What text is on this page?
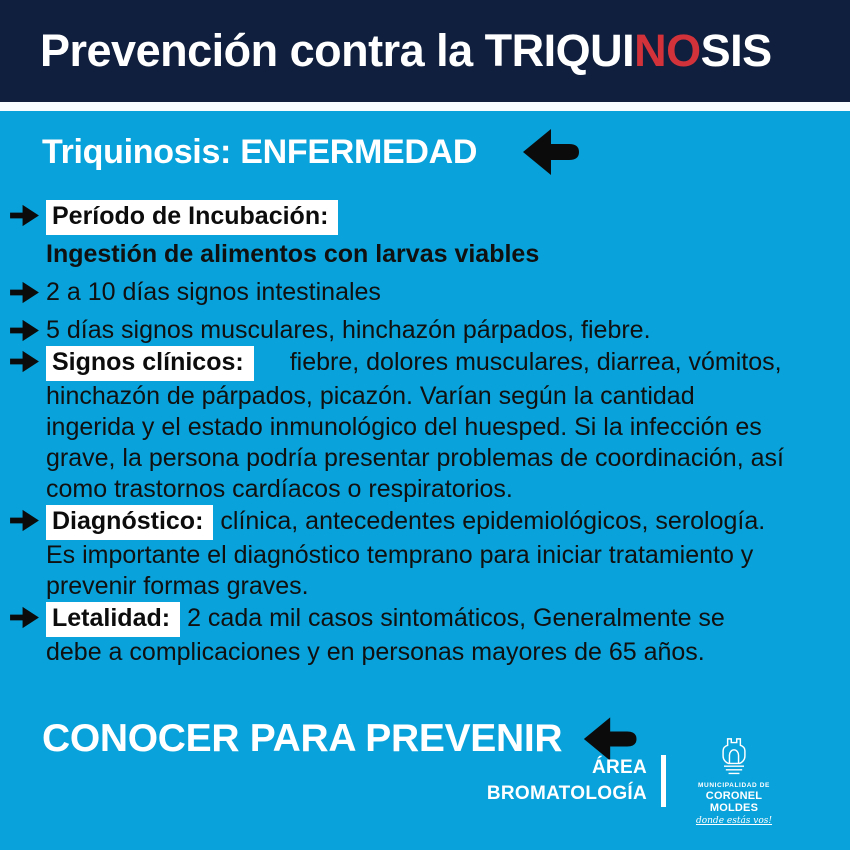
Prevención contra la TRIQUINOSIS
Triquinosis: ENFERMEDAD
Período de Incubación:
Ingestión de alimentos con larvas viables
2 a 10 días signos intestinales
5 días signos musculares, hinchazón párpados, fiebre.
Signos clínicos: fiebre, dolores musculares, diarrea, vómitos, hinchazón de párpados, picazón. Varían según la cantidad ingerida y el estado inmunológico del huesped. Si la infección es grave, la persona podría presentar problemas de coordinación, así como trastornos cardíacos o respiratorios.
Diagnóstico: clínica, antecedentes epidemiológicos, serología. Es importante el diagnóstico temprano para iniciar tratamiento y prevenir formas graves.
Letalidad: 2 cada mil casos sintomáticos, Generalmente se debe a complicaciones y en personas mayores de 65 años.
CONOCER PARA PREVENIR
ÁREA
BROMATOLOGÍA	MUNICIPALIDAD DE
CORONEL MOLDES
donde estás vos!
